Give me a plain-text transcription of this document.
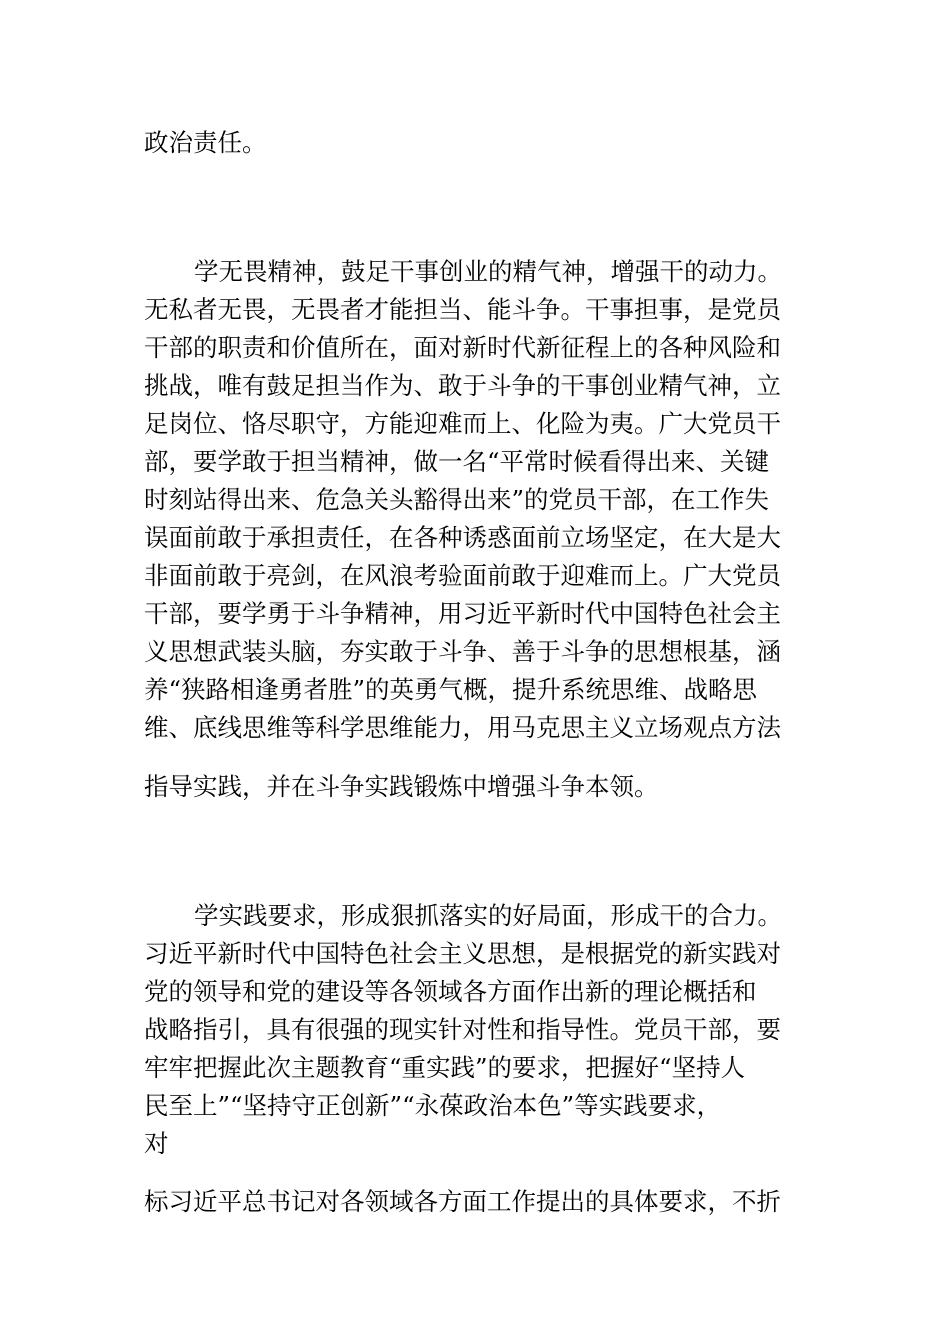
政治责任。
学无畏精神，鼓足干事创业的精气神，增强干的动力。
无私者无畏，无畏者才能担当、能斗争。干事担事，是党员
干部的职责和价值所在，面对新时代新征程上的各种风险和
挑战，唯有鼓足担当作为、敢于斗争的干事创业精气神，立
足岗位、恪尽职守，方能迎难而上、化险为夷。广大党员干
部，要学敢于担当精神，做一名“平常时候看得出来、关键
时刻站得出来、危急关头豁得出来”的党员干部，在工作失
误面前敢于承担责任，在各种诱惑面前立场坚定，在大是大
非面前敢于亮剑，在风浪考验面前敢于迎难而上。广大党员
干部，要学勇于斗争精神，用习近平新时代中国特色社会主
义思想武装头脑，夯实敢于斗争、善于斗争的思想根基，涵
养“狭路相逢勇者胜”的英勇气概，提升系统思维、战略思
维、底线思维等科学思维能力，用马克思主义立场观点方法
指导实践，并在斗争实践锻炼中增强斗争本领。
学实践要求，形成狠抓落实的好局面，形成干的合力。
习近平新时代中国特色社会主义思想，是根据党的新实践对
党的领导和党的建设等各领域各方面作出新的理论概括和
战略指引，具有很强的现实针对性和指导性。党员干部，要
牢牢把握此次主题教育“重实践”的要求，把握好“坚持人
民至上”“坚持守正创新”“永葆政治本色”等实践要求，
对
标习近平总书记对各领域各方面工作提出的具体要求，不折
